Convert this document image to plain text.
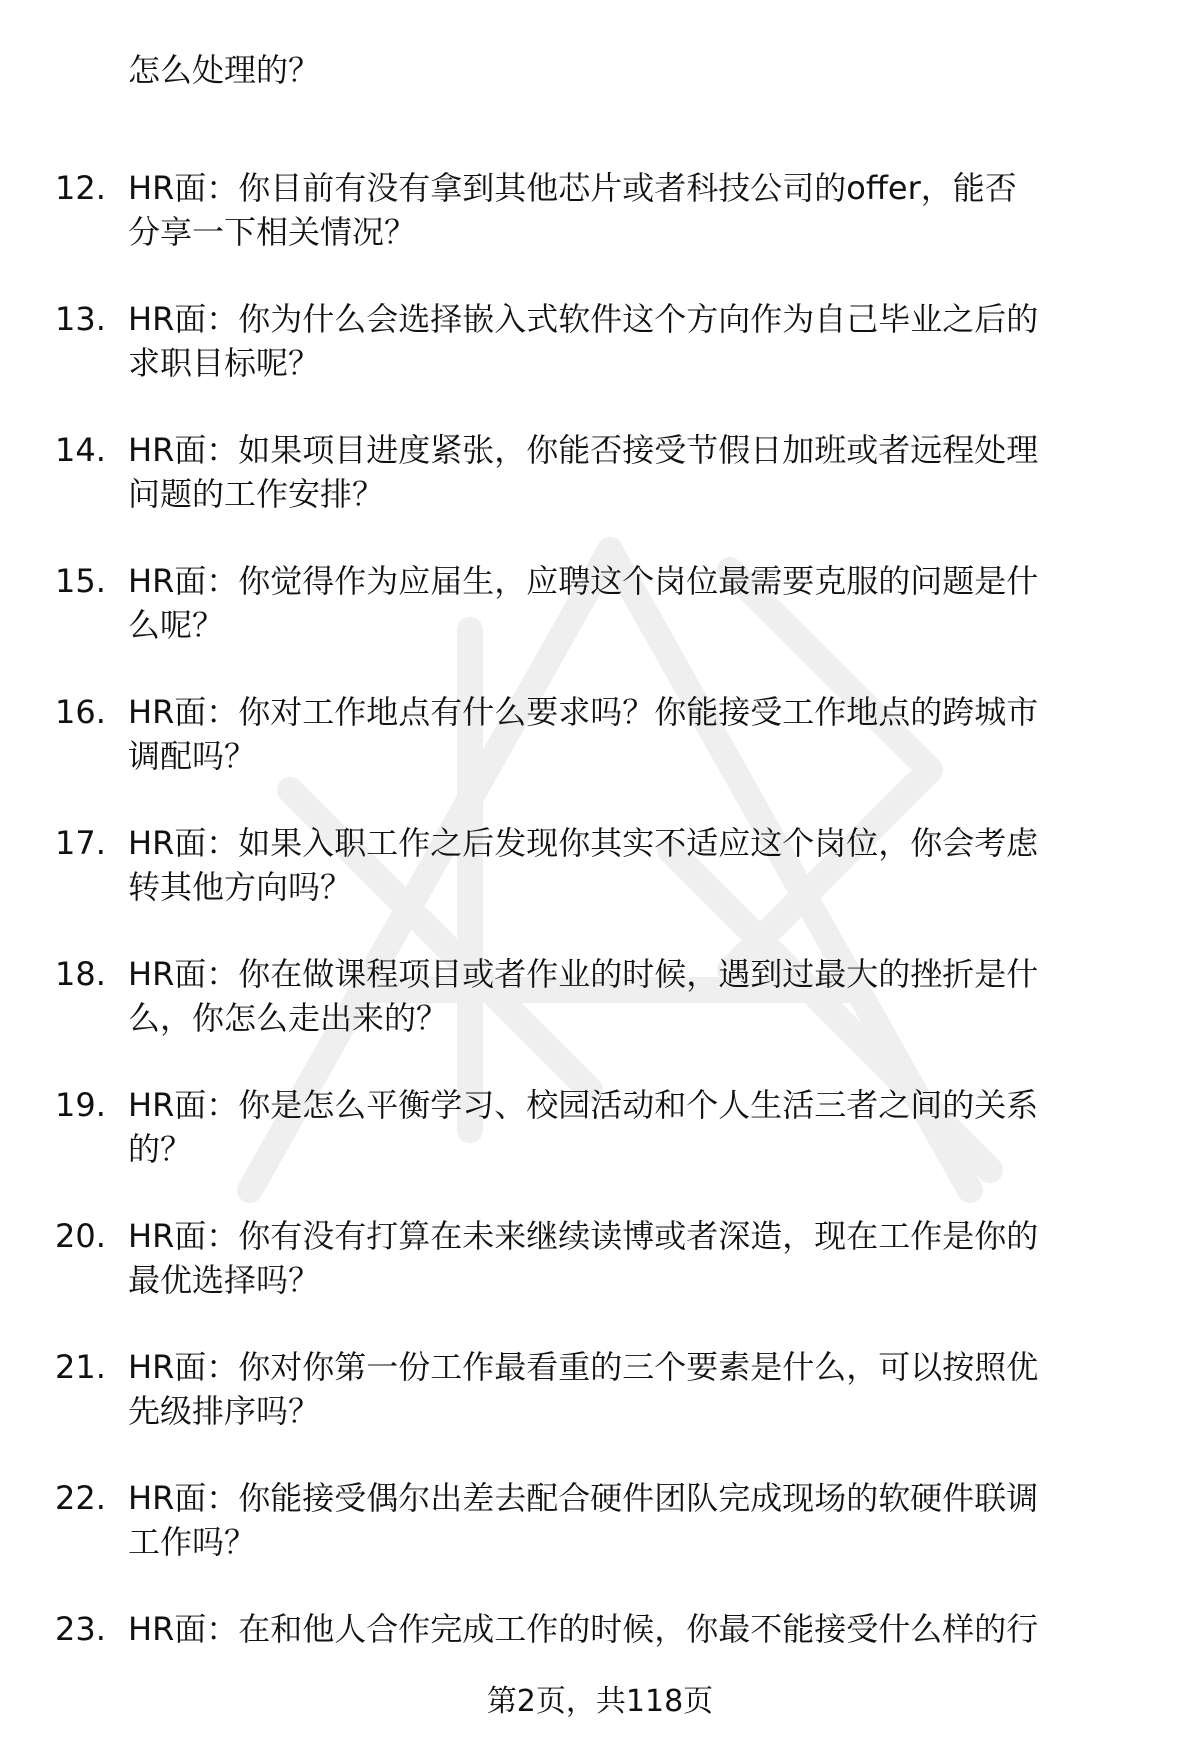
怎么处理的？
12. HR面：你目前有没有拿到其他芯片或者科技公司的offer，能否
分享一下相关情况？
13. HR面：你为什么会选择嵌入式软件这个方向作为自己毕业之后的
求职目标呢？
14. HR面：如果项目进度紧张，你能否接受节假日加班或者远程处理
问题的工作安排？
15. HR面：你觉得作为应届生，应聘这个岗位最需要克服的问题是什
么呢？
16. HR面：你对工作地点有什么要求吗？你能接受工作地点的跨城市
调配吗？
17. HR面：如果入职工作之后发现你其实不适应这个岗位，你会考虑
转其他方向吗？
18. HR面：你在做课程项目或者作业的时候，遇到过最大的挫折是什
么，你怎么走出来的？
19. HR面：你是怎么平衡学习、校园活动和个人生活三者之间的关系
的？
20. HR面：你有没有打算在未来继续读博或者深造，现在工作是你的
最优选择吗？
21. HR面：你对你第一份工作最看重的三个要素是什么，可以按照优
先级排序吗？
22. HR面：你能接受偶尔出差去配合硬件团队完成现场的软硬件联调
工作吗？
23. HR面：在和他人合作完成工作的时候，你最不能接受什么样的行
第2页，共118页
